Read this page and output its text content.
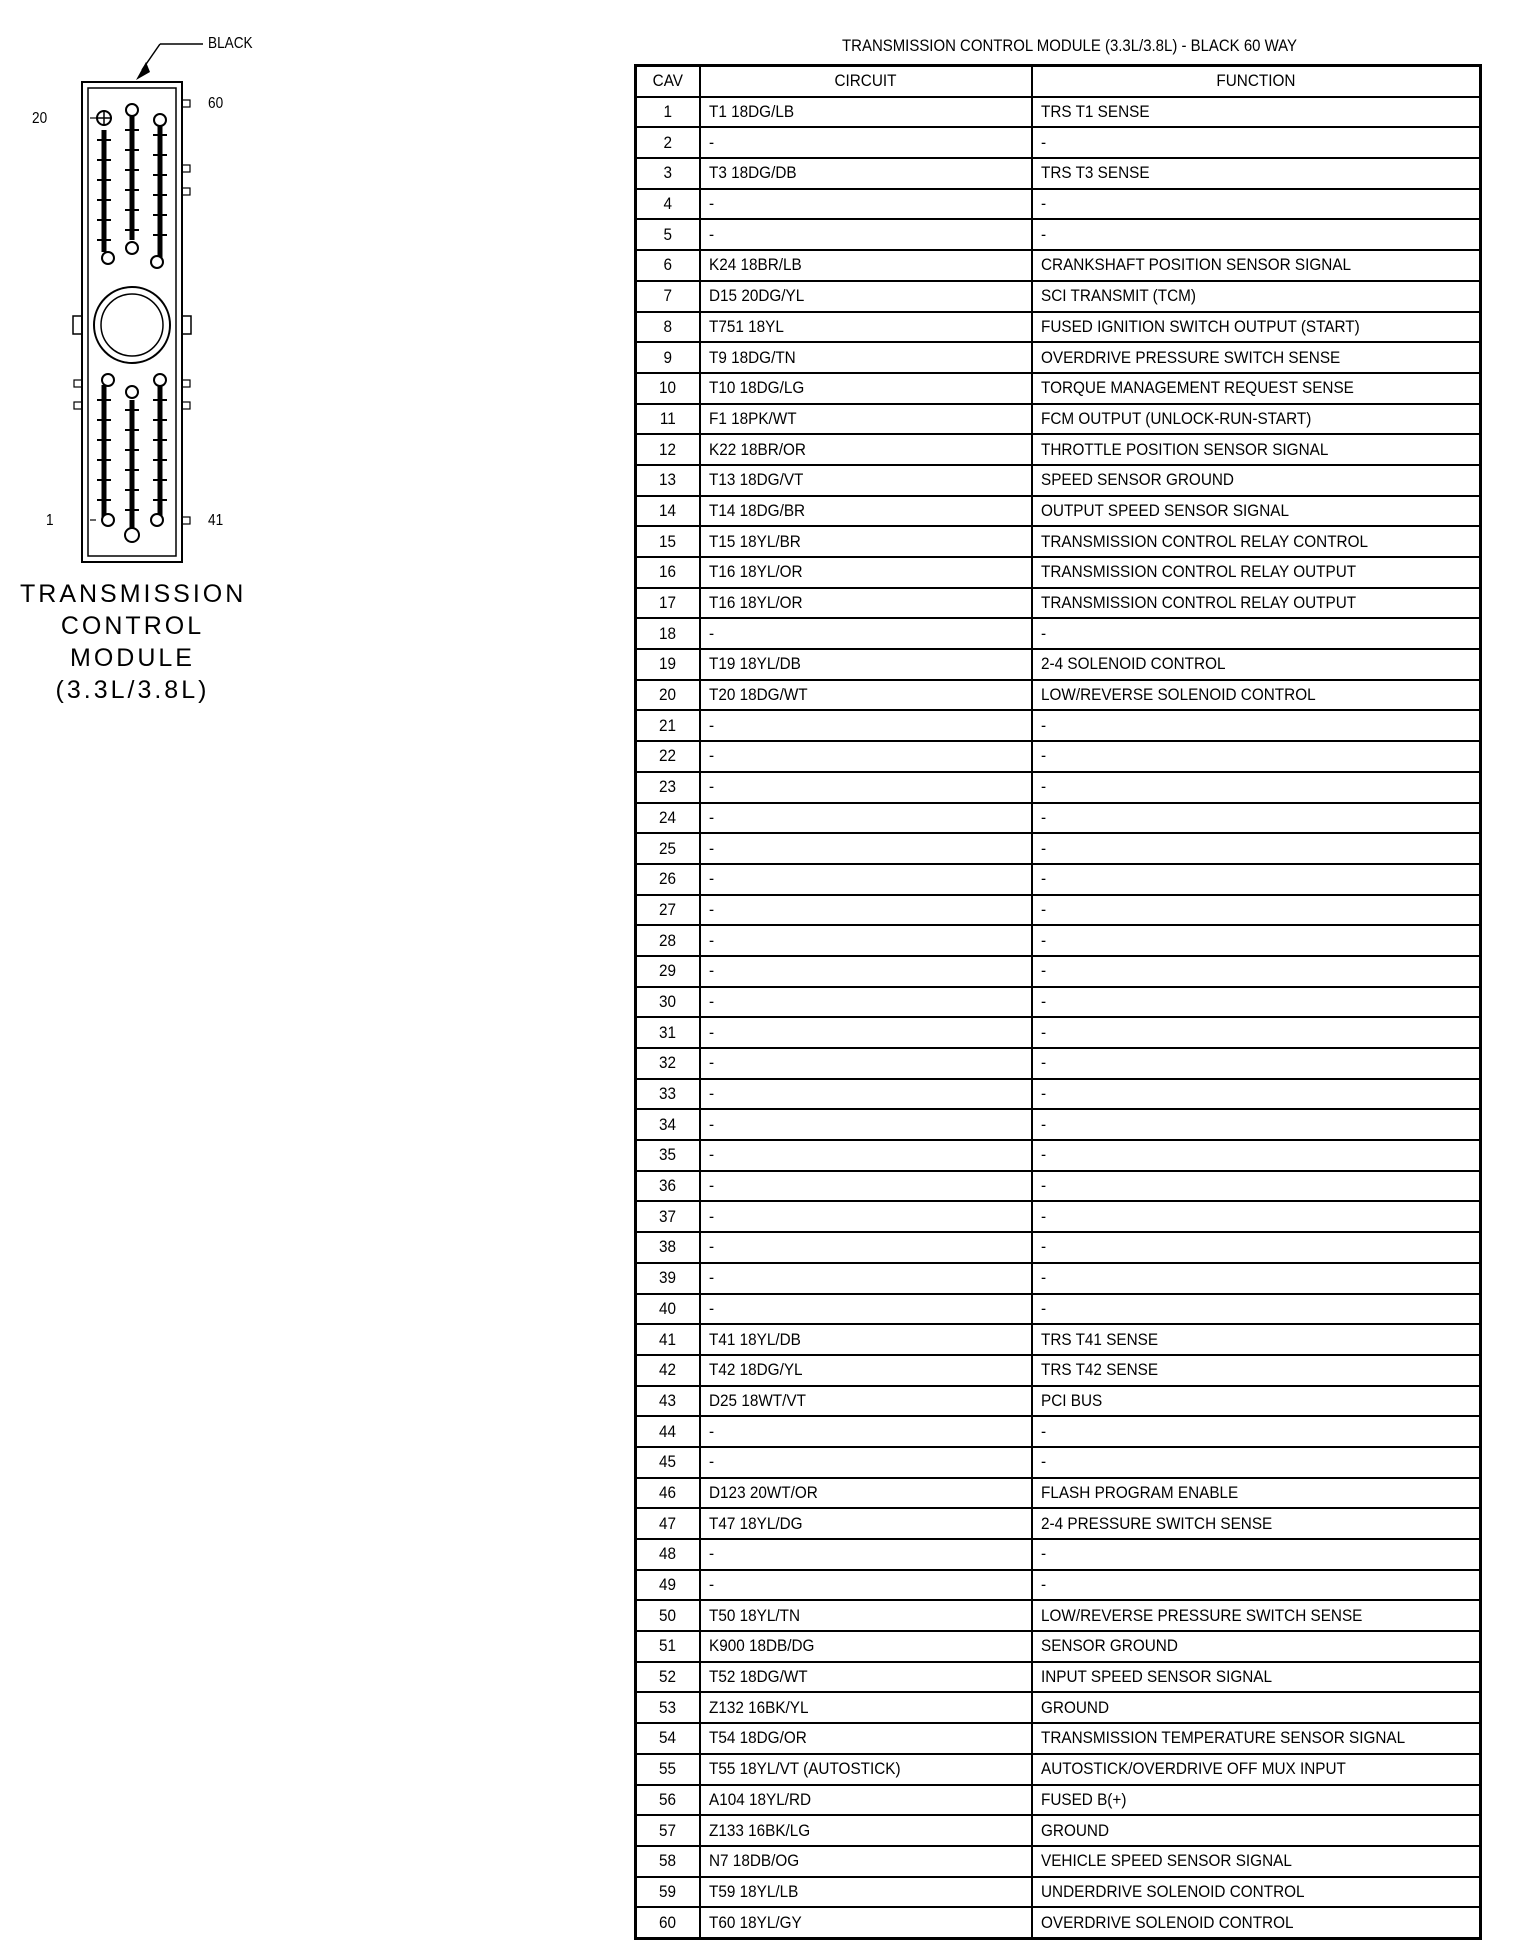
BLACK
20
60
1	41
TRANSMISSION
CONTROL
MODULE
(3.3L/3.8L)
TRANSMISSION CONTROL MODULE (3.3L/3.8L) - BLACK 60 WAY
CAV	CIRCUIT	FUNCTION
1	T1 18DG/LB	TRS T1 SENSE
2	-	-
3	T3 18DG/DB	TRS T3 SENSE
4	-	-
5	-	-
6	K24 18BR/LB	CRANKSHAFT POSITION SENSOR SIGNAL
7	D15 20DG/YL	SCI TRANSMIT (TCM)
8	T751 18YL	FUSED IGNITION SWITCH OUTPUT (START)
9	T9 18DG/TN	OVERDRIVE PRESSURE SWITCH SENSE
10	T10 18DG/LG	TORQUE MANAGEMENT REQUEST SENSE
11	F1 18PK/WT	FCM OUTPUT (UNLOCK-RUN-START)
12	K22 18BR/OR	THROTTLE POSITION SENSOR SIGNAL
13	T13 18DG/VT	SPEED SENSOR GROUND
14	T14 18DG/BR	OUTPUT SPEED SENSOR SIGNAL
15	T15 18YL/BR	TRANSMISSION CONTROL RELAY CONTROL
16	T16 18YL/OR	TRANSMISSION CONTROL RELAY OUTPUT
17	T16 18YL/OR	TRANSMISSION CONTROL RELAY OUTPUT
18	-	-
19	T19 18YL/DB	2-4 SOLENOID CONTROL
20	T20 18DG/WT	LOW/REVERSE SOLENOID CONTROL
21	-	-
22	-	-
23	-	-
24	-	-
25	-	-
26	-	-
27	-	-
28	-	-
29	-	-
30	-	-
31	-	-
32	-	-
33	-	-
34	-	-
35	-	-
36	-	-
37	-	-
38	-	-
39	-	-
40	-	-
41	T41 18YL/DB	TRS T41 SENSE
42	T42 18DG/YL	TRS T42 SENSE
43	D25 18WT/VT	PCI BUS
44	-	-
45	-	-
46	D123 20WT/OR	FLASH PROGRAM ENABLE
47	T47 18YL/DG	2-4 PRESSURE SWITCH SENSE
48	-	-
49	-	-
50	T50 18YL/TN	LOW/REVERSE PRESSURE SWITCH SENSE
51	K900 18DB/DG	SENSOR GROUND
52	T52 18DG/WT	INPUT SPEED SENSOR SIGNAL
53	Z132 16BK/YL	GROUND
54	T54 18DG/OR	TRANSMISSION TEMPERATURE SENSOR SIGNAL
55	T55 18YL/VT (AUTOSTICK)	AUTOSTICK/OVERDRIVE OFF MUX INPUT
56	A104 18YL/RD	FUSED B(+)
57	Z133 16BK/LG	GROUND
58	N7 18DB/OG	VEHICLE SPEED SENSOR SIGNAL
59	T59 18YL/LB	UNDERDRIVE SOLENOID CONTROL
60	T60 18YL/GY	OVERDRIVE SOLENOID CONTROL
